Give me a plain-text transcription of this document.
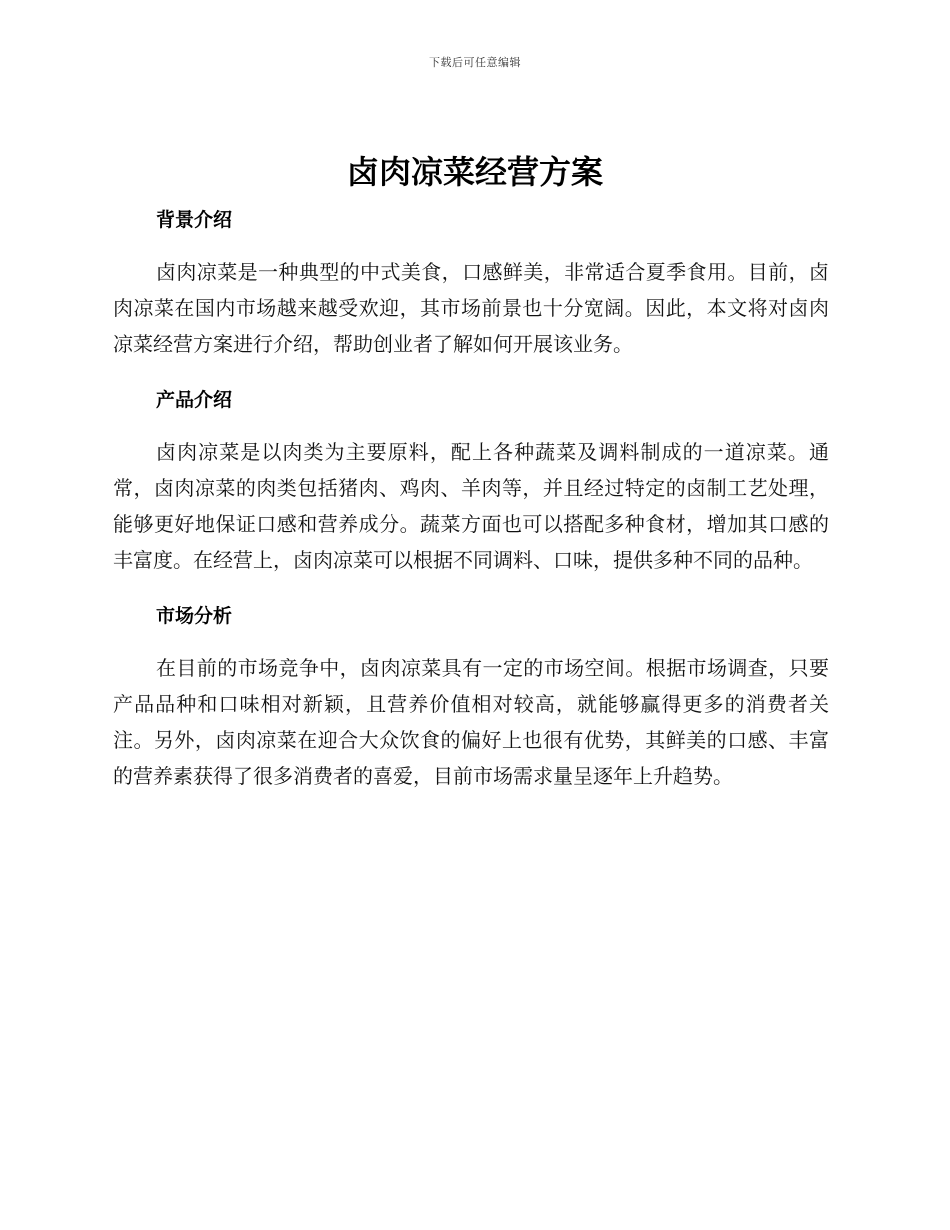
下载后可任意编辑
卤肉凉菜经营方案
背景介绍

卤肉凉菜是一种典型的中式美食，口感鲜美，非常适合夏季食用。目前，卤肉凉菜在国内市场越来越受欢迎，其市场前景也十分宽阔。因此，本文将对卤肉凉菜经营方案进行介绍，帮助创业者了解如何开展该业务。

产品介绍

卤肉凉菜是以肉类为主要原料，配上各种蔬菜及调料制成的一道凉菜。通常，卤肉凉菜的肉类包括猪肉、鸡肉、羊肉等，并且经过特定的卤制工艺处理，能够更好地保证口感和营养成分。蔬菜方面也可以搭配多种食材，增加其口感的丰富度。在经营上，卤肉凉菜可以根据不同调料、口味，提供多种不同的品种。

市场分析

在目前的市场竞争中，卤肉凉菜具有一定的市场空间。根据市场调查，只要产品品种和口味相对新颖，且营养价值相对较高，就能够赢得更多的消费者关注。另外，卤肉凉菜在迎合大众饮食的偏好上也很有优势，其鲜美的口感、丰富的营养素获得了很多消费者的喜爱，目前市场需求量呈逐年上升趋势。
